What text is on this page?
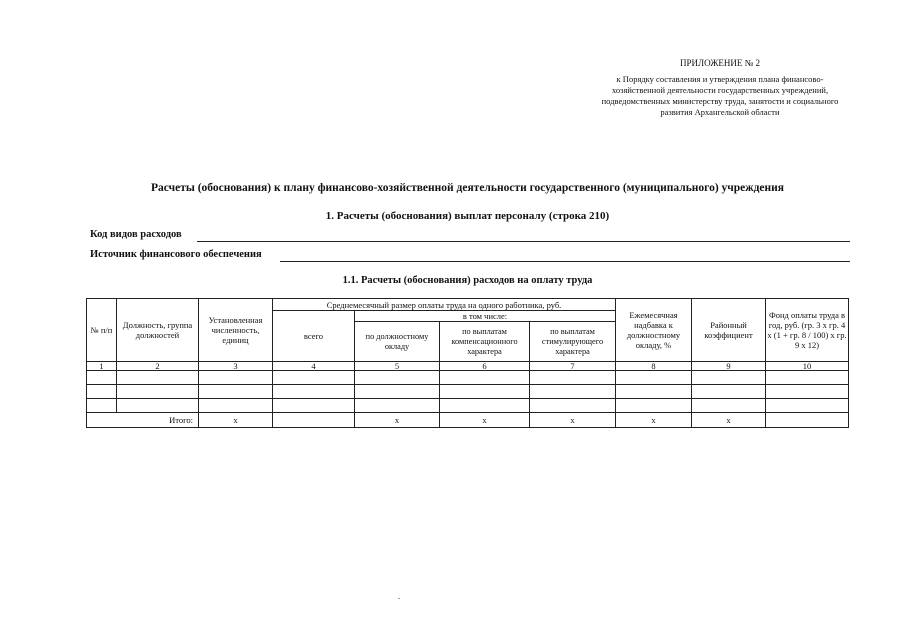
ПРИЛОЖЕНИЕ № 2
к Порядку составления и утверждения плана финансово-
хозяйственной деятельности государственных учреждений,
подведомственных министерству труда, занятости и социального
развития Архангельской области
Расчеты (обоснования) к плану финансово-хозяйственной деятельности государственного (муниципального) учреждения
1. Расчеты (обоснования) выплат персоналу (строка 210)
Код видов расходов
Источник финансового обеспечения
1.1. Расчеты (обоснования) расходов на оплату труда
№ п/п	Должность, группа должностей	Установленная численность, единиц	Среднемесячный размер оплаты труда на одного работника, руб.				Ежемесячная надбавка к должностному окладу, %	Районный коэффициент	Фонд оплаты труда в год, руб. (гр. 3 х гр. 4 х (1 + гр. 8 / 100) х гр. 9 х 12)
			всего	в том числе:					
				по должностному окладу	по выплатам компенсационного характера	по выплатам стимулирующего характера			
1	2	3	4	5	6	7	8	9	10

Итого:		x		x	x	x	x	x	
